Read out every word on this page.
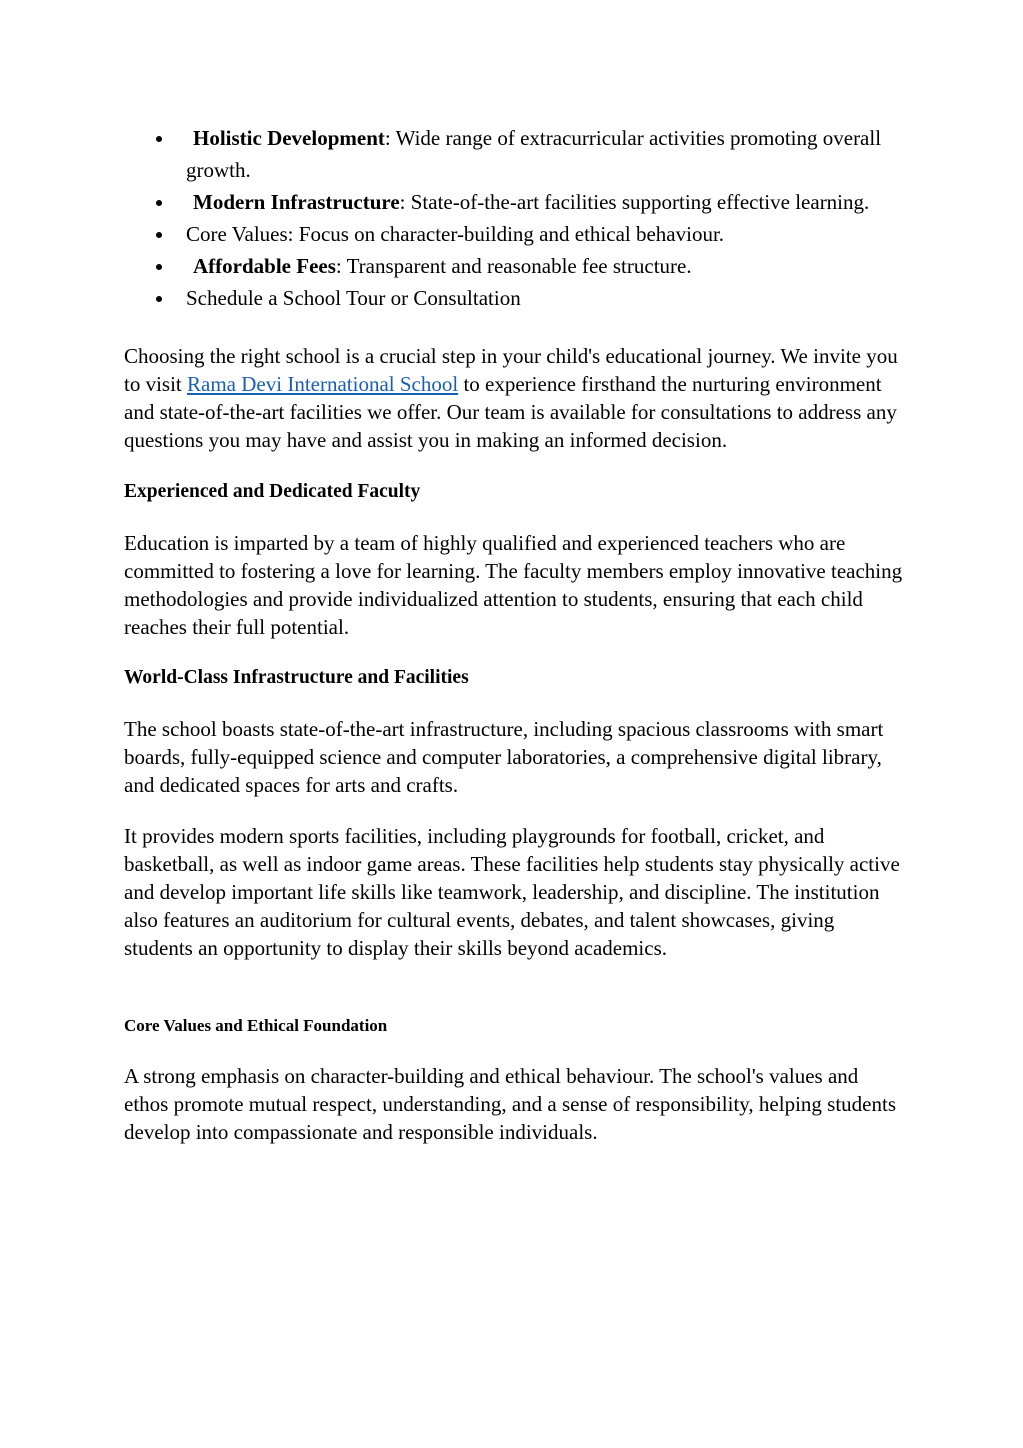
Holistic Development: Wide range of extracurricular activities promoting overall growth.
Modern Infrastructure: State-of-the-art facilities supporting effective learning.
Core Values: Focus on character-building and ethical behaviour.
Affordable Fees: Transparent and reasonable fee structure.
Schedule a School Tour or Consultation

Choosing the right school is a crucial step in your child's educational journey. We invite you to visit Rama Devi International School to experience firsthand the nurturing environment and state-of-the-art facilities we offer. Our team is available for consultations to address any questions you may have and assist you in making an informed decision.

Experienced and Dedicated Faculty

Education is imparted by a team of highly qualified and experienced teachers who are committed to fostering a love for learning. The faculty members employ innovative teaching methodologies and provide individualized attention to students, ensuring that each child reaches their full potential.

World-Class Infrastructure and Facilities

The school boasts state-of-the-art infrastructure, including spacious classrooms with smart boards, fully-equipped science and computer laboratories, a comprehensive digital library, and dedicated spaces for arts and crafts.

It provides modern sports facilities, including playgrounds for football, cricket, and basketball, as well as indoor game areas. These facilities help students stay physically active and develop important life skills like teamwork, leadership, and discipline. The institution also features an auditorium for cultural events, debates, and talent showcases, giving students an opportunity to display their skills beyond academics.

Core Values and Ethical Foundation

A strong emphasis on character-building and ethical behaviour. The school's values and ethos promote mutual respect, understanding, and a sense of responsibility, helping students develop into compassionate and responsible individuals.
